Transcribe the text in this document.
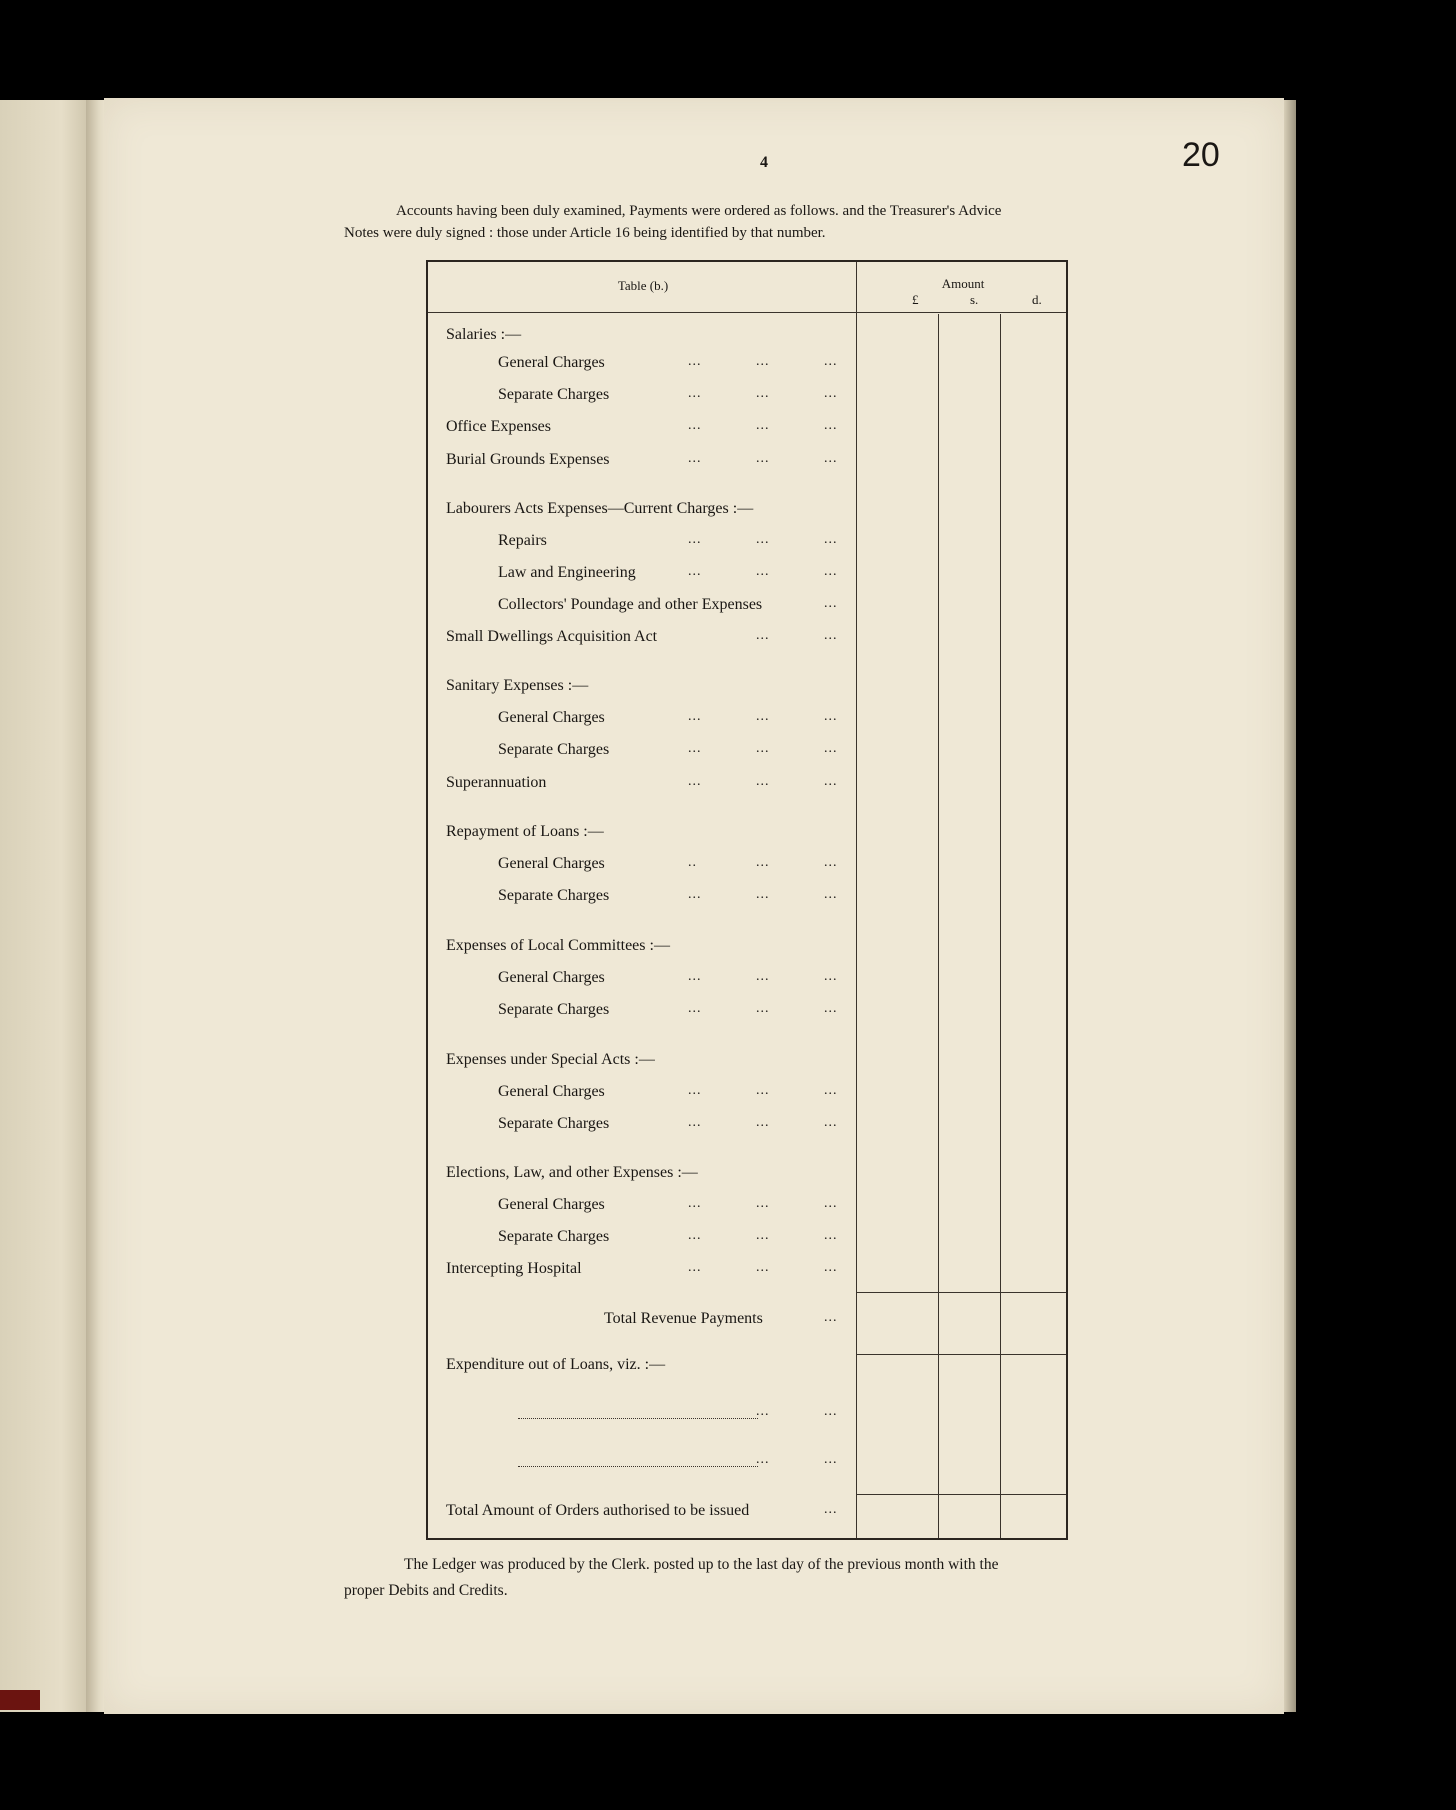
4	20
Accounts having been duly examined, Payments were ordered as follows. and the Treasurer's Advice
Notes were duly signed : those under Article 16 being identified by that number.
Table (b.)	Amount
£	s.	d.
Salaries :—
General Charges	...	...	...
Separate Charges	...	...	...
Office Expenses	...	...	...
Burial Grounds Expenses	...	...	...
Labourers Acts Expenses—Current Charges :—
Repairs	...	...	...
Law and Engineering	...	...	...
Collectors' Poundage and other Expenses	...
Small Dwellings Acquisition Act	...	...
Sanitary Expenses :—
General Charges	...	...	...
Separate Charges	...	...	...
Superannuation	...	...	...
Repayment of Loans :—
General Charges	..	...	...
Separate Charges	...	...	...
Expenses of Local Committees :—
General Charges	...	...	...
Separate Charges	...	...	...
Expenses under Special Acts :—
General Charges	...	...	...
Separate Charges	...	...	...
Elections, Law, and other Expenses :—
General Charges	...	...	...
Separate Charges	...	...	...
Intercepting Hospital	...	...	...
Total Revenue Payments	...
Expenditure out of Loans, viz. :—
...	...
...	...
Total Amount of Orders authorised to be issued	...
The Ledger was produced by the Clerk. posted up to the last day of the previous month with the
proper Debits and Credits.
